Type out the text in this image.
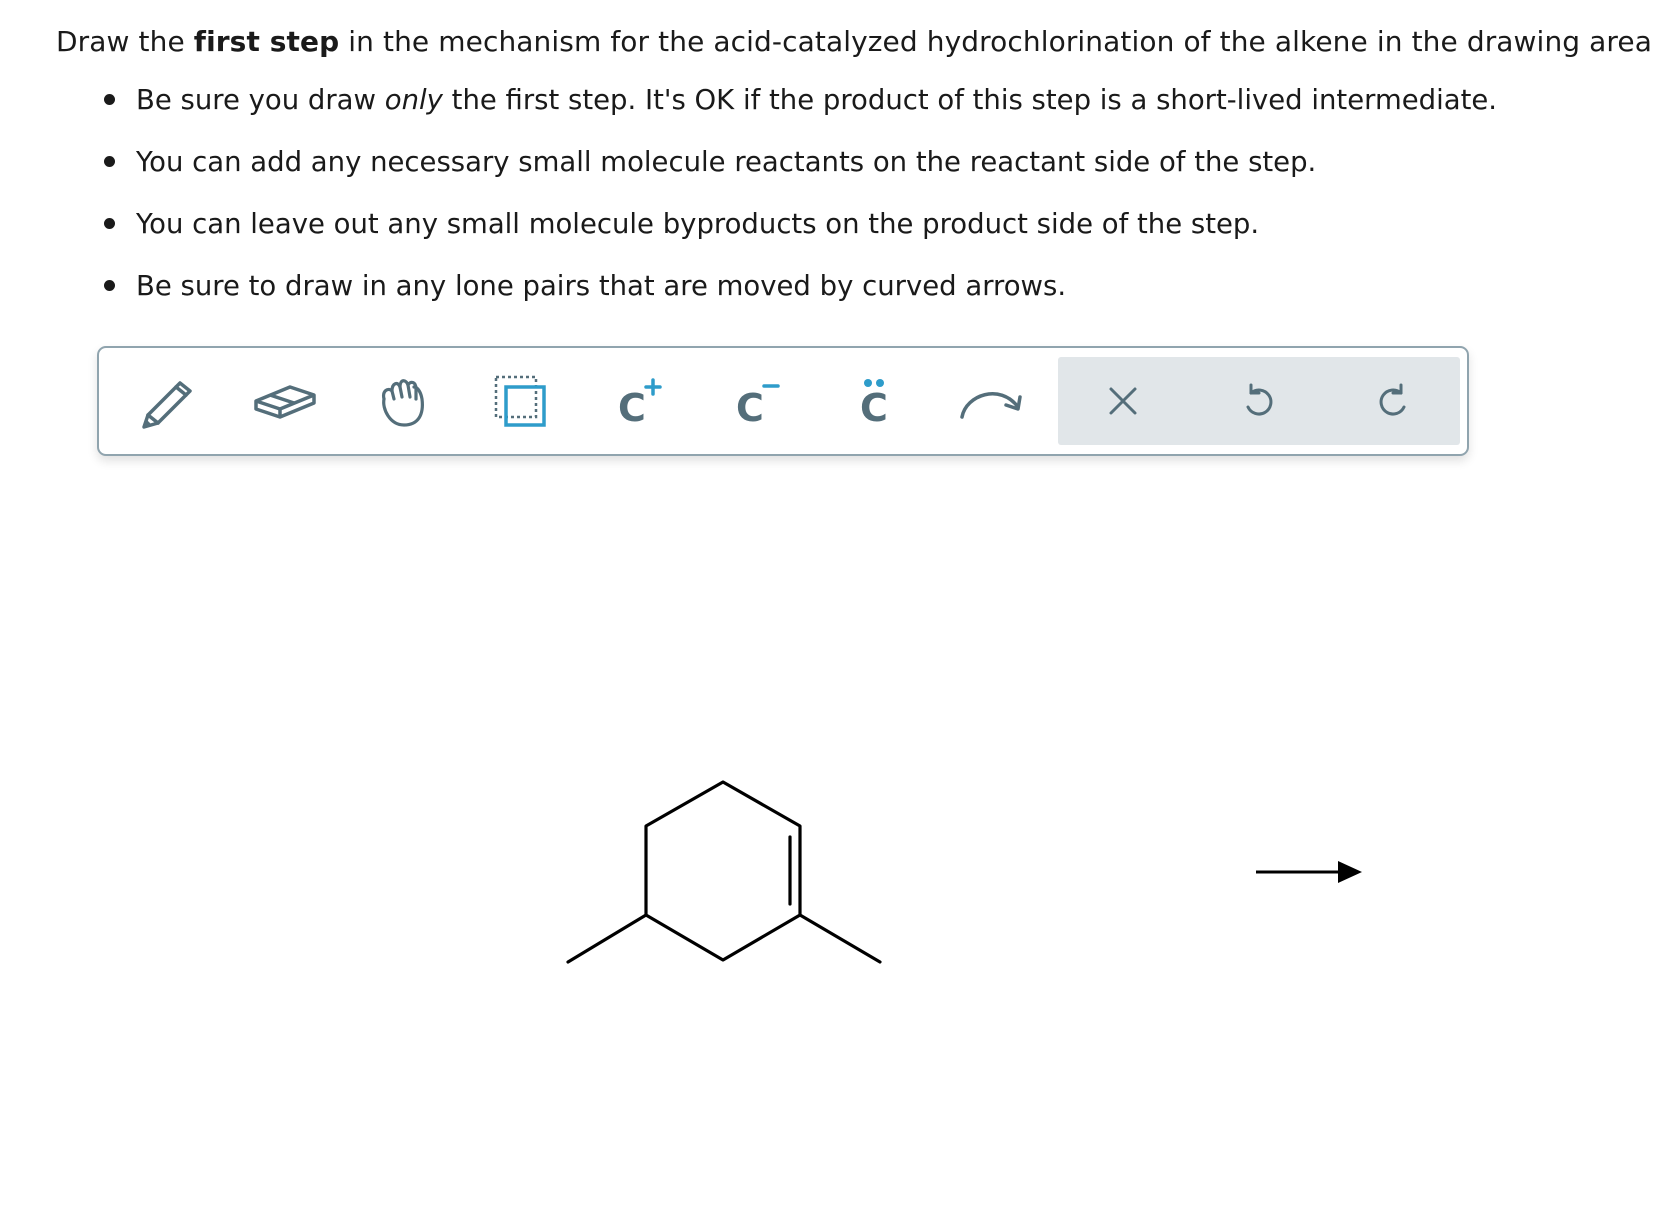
Draw the first step in the mechanism for the acid-catalyzed hydrochlorination of the alkene in the drawing area
Be sure you draw only the first step. It's OK if the product of this step is a short-lived intermediate.
You can add any necessary small molecule reactants on the reactant side of the step.
You can leave out any small molecule byproducts on the product side of the step.
Be sure to draw in any lone pairs that are moved by curved arrows.
C C	C
